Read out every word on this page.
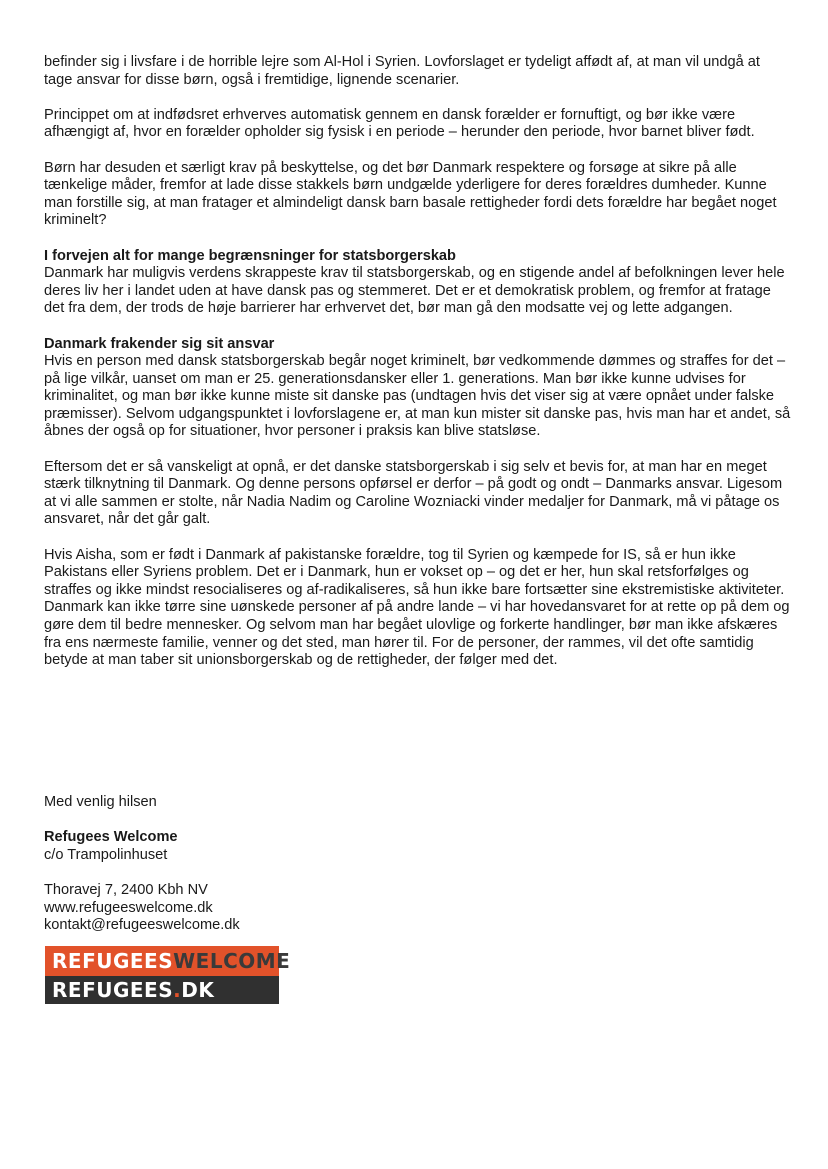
befinder sig i livsfare i de horrible lejre som Al-Hol i Syrien. Lovforslaget er tydeligt affødt af, at man vil undgå at tage ansvar for disse børn, også i fremtidige, lignende scenarier.

Princippet om at indfødsret erhverves automatisk gennem en dansk forælder er fornuftigt, og bør ikke være afhængigt af, hvor en forælder opholder sig fysisk i en periode – herunder den periode, hvor barnet bliver født.

Børn har desuden et særligt krav på beskyttelse, og det bør Danmark respektere og forsøge at sikre på alle tænkelige måder, fremfor at lade disse stakkels børn undgælde yderligere for deres forældres dumheder. Kunne man forstille sig, at man fratager et almindeligt dansk barn basale rettigheder fordi dets forældre har begået noget kriminelt?

I forvejen alt for mange begrænsninger for statsborgerskab

Danmark har muligvis verdens skrappeste krav til statsborgerskab, og en stigende andel af befolkningen lever hele deres liv her i landet uden at have dansk pas og stemmeret. Det er et demokratisk problem, og fremfor at fratage det fra dem, der trods de høje barrierer har erhvervet det, bør man gå den modsatte vej og lette adgangen.

Danmark frakender sig sit ansvar

Hvis en person med dansk statsborgerskab begår noget kriminelt, bør vedkommende dømmes og straffes for det – på lige vilkår, uanset om man er 25. generationsdansker eller 1. generations. Man bør ikke kunne udvises for kriminalitet, og man bør ikke kunne miste sit danske pas (undtagen hvis det viser sig at være opnået under falske præmisser). Selvom udgangspunktet i lovforslagene er, at man kun mister sit danske pas, hvis man har et andet, så åbnes der også op for situationer, hvor personer i praksis kan blive statsløse.

Eftersom det er så vanskeligt at opnå, er det danske statsborgerskab i sig selv et bevis for, at man har en meget stærk tilknytning til Danmark. Og denne persons opførsel er derfor – på godt og ondt – Danmarks ansvar. Ligesom at vi alle sammen er stolte, når Nadia Nadim og Caroline Wozniacki vinder medaljer for Danmark, må vi påtage os ansvaret, når det går galt.

Hvis Aisha, som er født i Danmark af pakistanske forældre, tog til Syrien og kæmpede for IS, så er hun ikke Pakistans eller Syriens problem. Det er i Danmark, hun er vokset op – og det er her, hun skal retsforfølges og straffes og ikke mindst resocialiseres og af-radikaliseres, så hun ikke bare fortsætter sine ekstremistiske aktiviteter. Danmark kan ikke tørre sine uønskede personer af på andre lande – vi har hovedansvaret for at rette op på dem og gøre dem til bedre mennesker. Og selvom man har begået ulovlige og forkerte handlinger, bør man ikke afskæres fra ens nærmeste familie, venner og det sted, man hører til. For de personer, der rammes, vil det ofte samtidig betyde at man taber sit unionsborgerskab og de rettigheder, der følger med det.

Med venlig hilsen

Refugees Welcome

c/o Trampolinhuset

Thoravej 7, 2400 Kbh NV

www.refugeeswelcome.dk

kontakt@refugeeswelcome.dk

REFUGEESWELCOME
REFUGEES.DK
